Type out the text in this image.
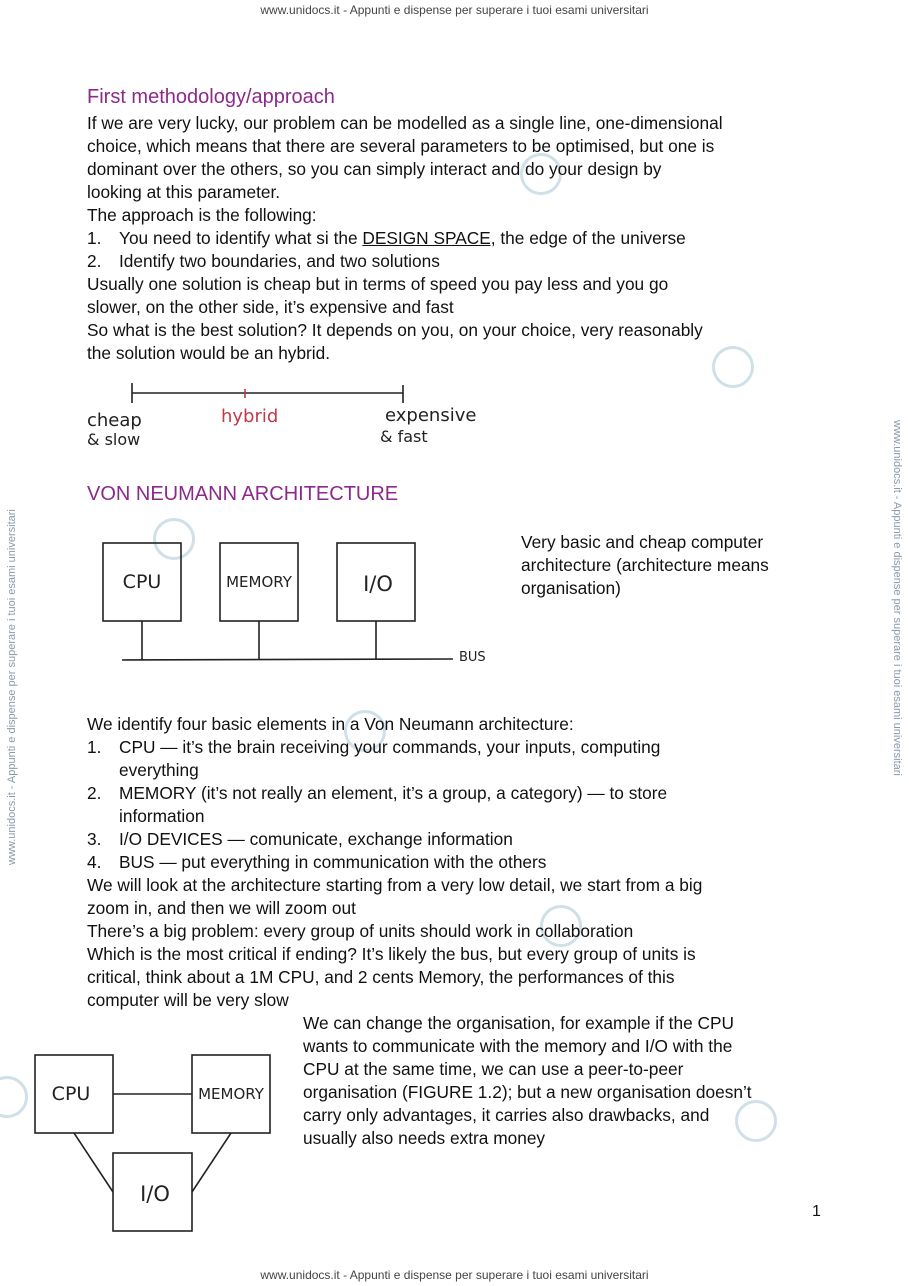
www.unidocs.it - Appunti e dispense per superare i tuoi esami universitari
www.unidocs.it - Appunti e dispense per superare i tuoi esami universitari
www.unidocs.it - Appunti e dispense per superare i tuoi esami universitari	www.unidocs.it - Appunti e dispense per superare i tuoi esami universitari
First methodology/approach
If we are very lucky, our problem can be modelled as a single line, one-dimensional
choice, which means that there are several parameters to be optimised, but one is
dominant over the others, so you can simply interact and do your design by
looking at this parameter.
The approach is the following:
1. You need to identify what si the DESIGN SPACE, the edge of the universe
2. Identify two boundaries, and two solutions
Usually one solution is cheap but in terms of speed you pay less and you go
slower, on the other side, it’s expensive and fast
So what is the best solution? It depends on you, on your choice, very reasonably
the solution would be an hybrid.
cheap
& slow
hybrid	expensive
& fast
VON NEUMANN ARCHITECTURE
CPU	MEMORY	I/O
BUS
Very basic and cheap computer
architecture (architecture means
organisation)
We identify four basic elements in a Von Neumann architecture:
1. CPU — it’s the brain receiving your commands, your inputs, computing
everything
2. MEMORY (it’s not really an element, it’s a group, a category) — to store
information
3. I/O DEVICES — comunicate, exchange information
4. BUS — put everything in communication with the others
We will look at the architecture starting from a very low detail, we start from a big
zoom in, and then we will zoom out
There’s a big problem: every group of units should work in collaboration
Which is the most critical if ending? It’s likely the bus, but every group of units is
critical, think about a 1M CPU, and 2 cents Memory, the performances of this
computer will be very slow
We can change the organisation, for example if the CPU
wants to communicate with the memory and I/O with the
CPU at the same time, we can use a peer-to-peer
organisation (FIGURE 1.2); but a new organisation doesn’t
carry only advantages, it carries also drawbacks, and
usually also needs extra money
CPU	MEMORY
I/O
1
